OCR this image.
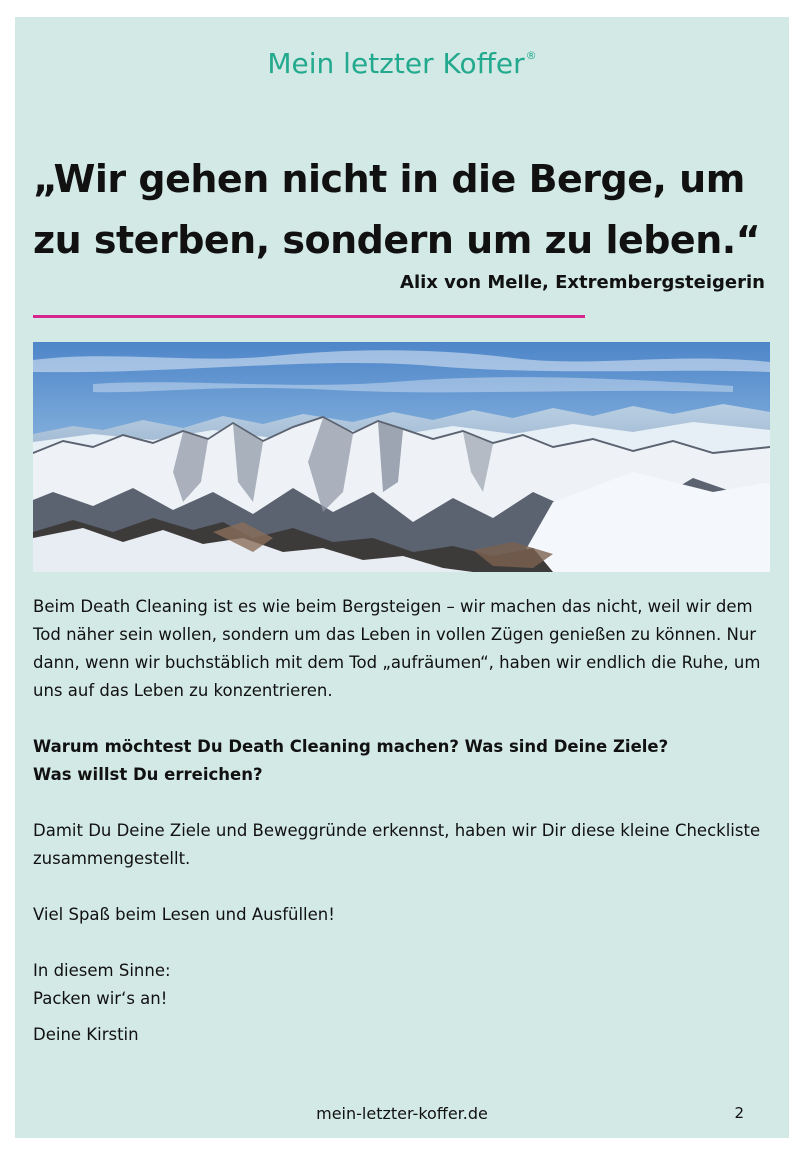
Mein letzter Koffer®

„Wir gehen nicht in die Berge, um zu sterben, sondern um zu leben.“

Alix von Melle, Extrembergsteigerin

Beim Death Cleaning ist es wie beim Bergsteigen – wir machen das nicht, weil wir dem Tod näher sein wollen, sondern um das Leben in vollen Zügen genießen zu können. Nur dann, wenn wir buchstäblich mit dem Tod „aufräumen“, haben wir endlich die Ruhe, um uns auf das Leben zu konzentrieren.

Warum möchtest Du Death Cleaning machen? Was sind Deine Ziele?
Was willst Du erreichen?

Damit Du Deine Ziele und Beweggründe erkennst, haben wir Dir diese kleine Checkliste zusammengestellt.

Viel Spaß beim Lesen und Ausfüllen!

In diesem Sinne:
Packen wir‘s an!

Deine Kirstin

mein-letzter-koffer.de	2
